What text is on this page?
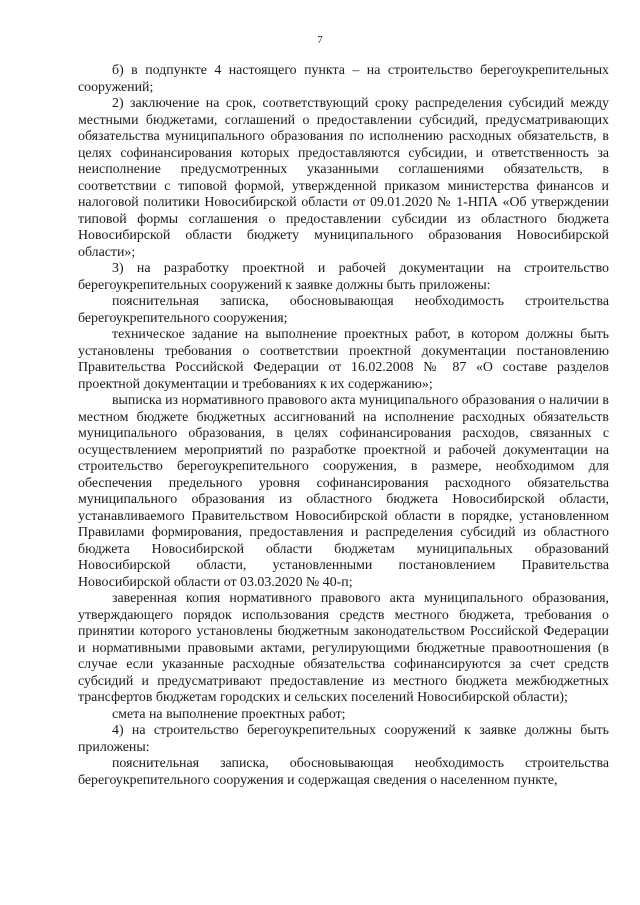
7

б) в подпункте 4 настоящего пункта – на строительство берегоукрепительных сооружений;

2) заключение на срок, соответствующий сроку распределения субсидий между местными бюджетами, соглашений о предоставлении субсидий, предусматривающих обязательства муниципального образования по исполнению расходных обязательств, в целях софинансирования которых предоставляются субсидии, и ответственность за неисполнение предусмотренных указанными соглашениями обязательств, в соответствии с типовой формой, утвержденной приказом министерства финансов и налоговой политики Новосибирской области от 09.01.2020 № 1-НПА «Об утверждении типовой формы соглашения о предоставлении субсидии из областного бюджета Новосибирской области бюджету муниципального образования Новосибирской области»;

3) на разработку проектной и рабочей документации на строительство берегоукрепительных сооружений к заявке должны быть приложены:

пояснительная записка, обосновывающая необходимость строительства берегоукрепительного сооружения;

техническое задание на выполнение проектных работ, в котором должны быть установлены требования о соответствии проектной документации постановлению Правительства Российской Федерации от 16.02.2008 № 87 «О составе разделов проектной документации и требованиях к их содержанию»;

выписка из нормативного правового акта муниципального образования о наличии в местном бюджете бюджетных ассигнований на исполнение расходных обязательств муниципального образования, в целях софинансирования расходов, связанных с осуществлением мероприятий по разработке проектной и рабочей документации на строительство берегоукрепительного сооружения, в размере, необходимом для обеспечения предельного уровня софинансирования расходного обязательства муниципального образования из областного бюджета Новосибирской области, устанавливаемого Правительством Новосибирской области в порядке, установленном Правилами формирования, предоставления и распределения субсидий из областного бюджета Новосибирской области бюджетам муниципальных образований Новосибирской области, установленными постановлением Правительства Новосибирской области от 03.03.2020 № 40-п;

заверенная копия нормативного правового акта муниципального образования, утверждающего порядок использования средств местного бюджета, требования о принятии которого установлены бюджетным законодательством Российской Федерации и нормативными правовыми актами, регулирующими бюджетные правоотношения (в случае если указанные расходные обязательства софинансируются за счет средств субсидий и предусматривают предоставление из местного бюджета межбюджетных трансфертов бюджетам городских и сельских поселений Новосибирской области);

смета на выполнение проектных работ;

4) на строительство берегоукрепительных сооружений к заявке должны быть приложены:

пояснительная записка, обосновывающая необходимость строительства берегоукрепительного сооружения и содержащая сведения о населенном пункте,
